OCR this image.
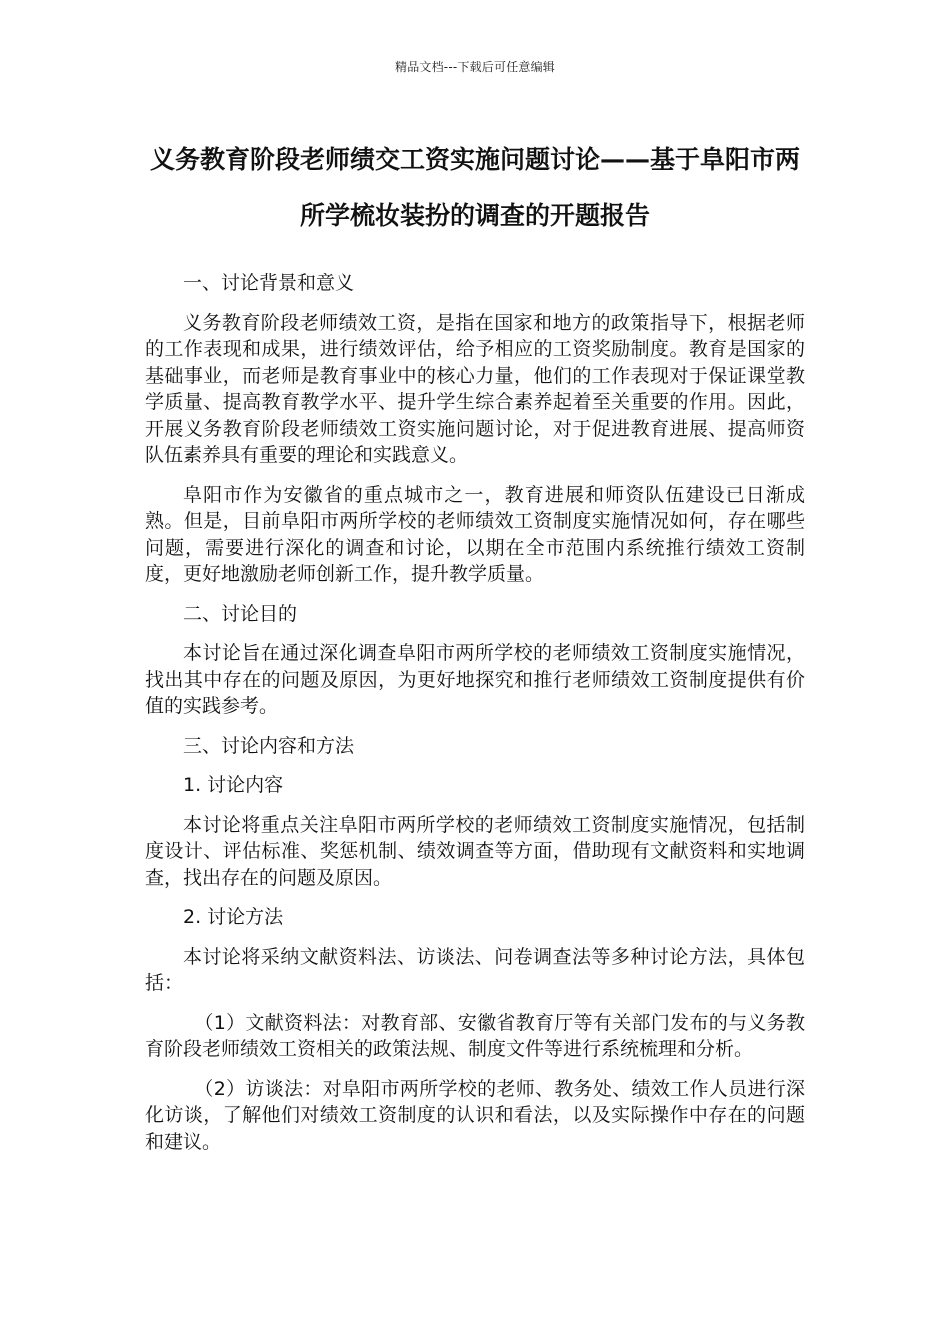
精品文档---下载后可任意编辑
义务教育阶段老师绩交工资实施问题讨论——基于阜阳市两所学梳妆装扮的调查的开题报告
一、讨论背景和意义

义务教育阶段老师绩效工资，是指在国家和地方的政策指导下，根据老师的工作表现和成果，进行绩效评估，给予相应的工资奖励制度。教育是国家的基础事业，而老师是教育事业中的核心力量，他们的工作表现对于保证课堂教学质量、提高教育教学水平、提升学生综合素养起着至关重要的作用。因此，开展义务教育阶段老师绩效工资实施问题讨论，对于促进教育进展、提高师资队伍素养具有重要的理论和实践意义。

阜阳市作为安徽省的重点城市之一，教育进展和师资队伍建设已日渐成熟。但是，目前阜阳市两所学校的老师绩效工资制度实施情况如何，存在哪些问题，需要进行深化的调查和讨论，以期在全市范围内系统推行绩效工资制度，更好地激励老师创新工作，提升教学质量。

二、讨论目的

本讨论旨在通过深化调查阜阳市两所学校的老师绩效工资制度实施情况，找出其中存在的问题及原因，为更好地探究和推行老师绩效工资制度提供有价值的实践参考。

三、讨论内容和方法
1. 讨论内容

本讨论将重点关注阜阳市两所学校的老师绩效工资制度实施情况，包括制度设计、评估标准、奖惩机制、绩效调查等方面，借助现有文献资料和实地调查，找出存在的问题及原因。

2. 讨论方法

本讨论将采纳文献资料法、访谈法、问卷调查法等多种讨论方法，具体包括：

（1）文献资料法：对教育部、安徽省教育厅等有关部门发布的与义务教育阶段老师绩效工资相关的政策法规、制度文件等进行系统梳理和分析。

（2）访谈法：对阜阳市两所学校的老师、教务处、绩效工作人员进行深化访谈，了解他们对绩效工资制度的认识和看法，以及实际操作中存在的问题和建议。
